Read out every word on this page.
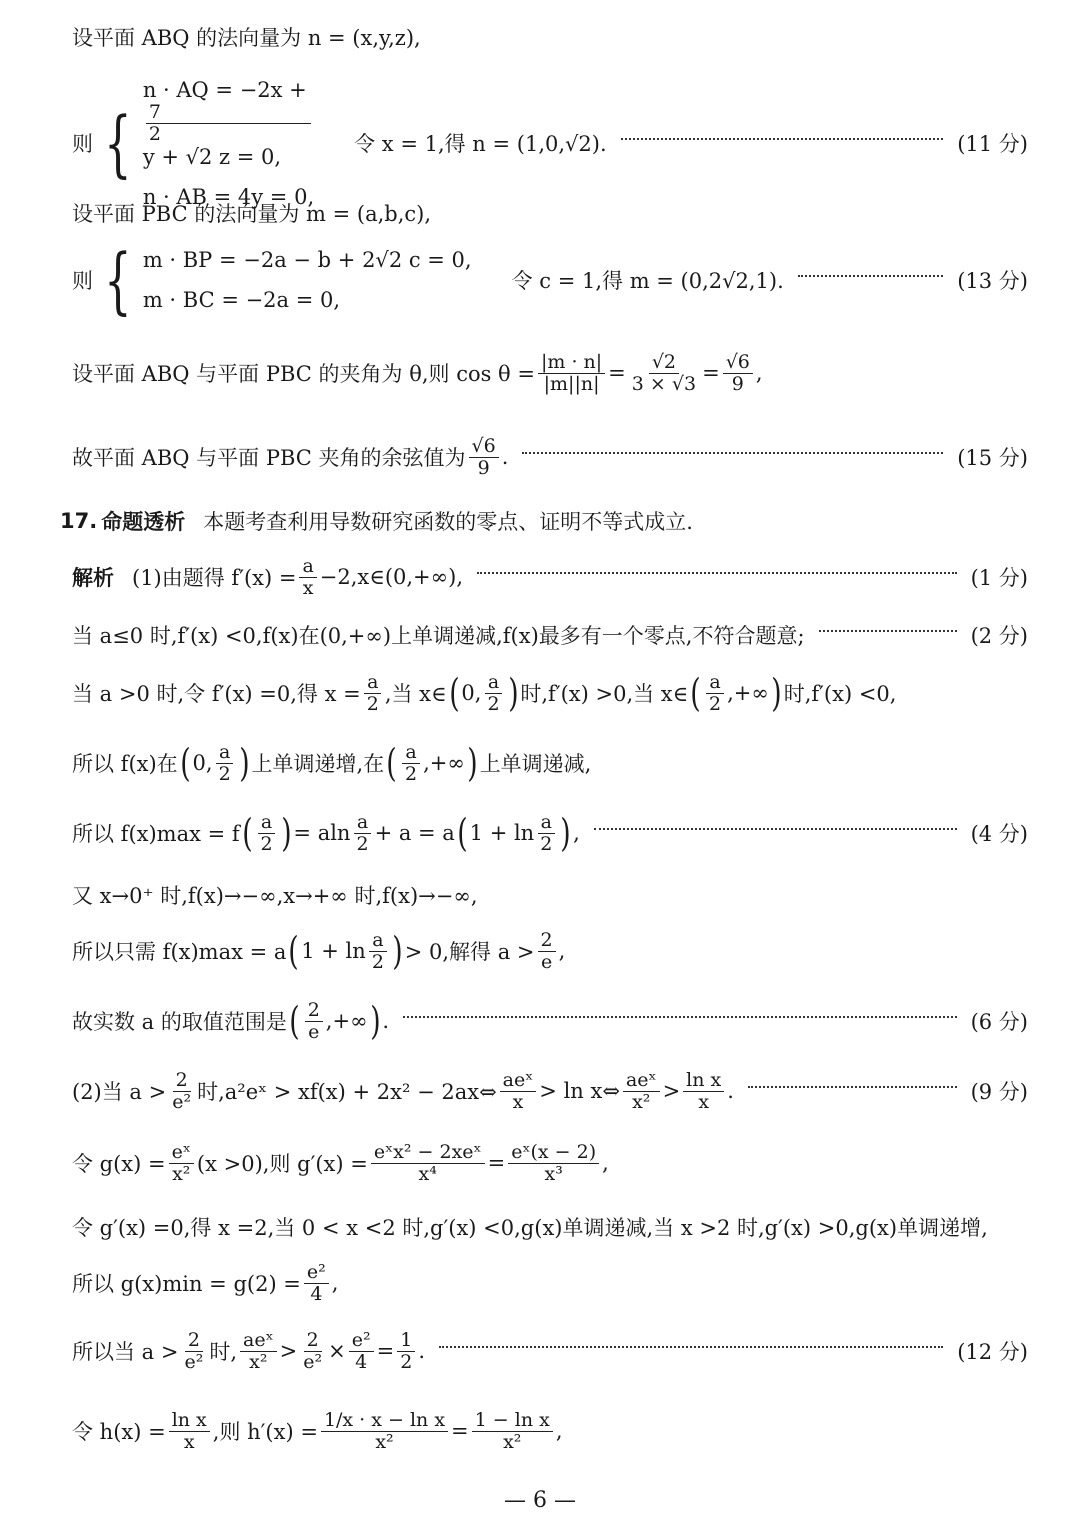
设平面 ABQ 的法向量为 n = (x,y,z),
则 {
n · AQ = −2x +
7
2
y + √2 z = 0,
n · AB = 4y = 0,
令 x = 1,得 n = (1,0,√2).	(11 分)
设平面 PBC 的法向量为 m = (a,b,c),
则 { m · BP = −2a − b + 2√2 c = 0,
m · BC = −2a = 0,
令 c = 1,得 m = (0,2√2,1).	(13 分)
设平面 ABQ 与平面 PBC 的夹角为 θ,则 $\cos \theta = \frac{|m \cdot n|}{|m||n|} = \frac{√2}{3 \times √3} = \frac{√6}{9}$ ,
故平面 ABQ 与平面 PBC 夹角的余弦值为 $\frac{√6}{9}$ .	(15 分)
17. 命题透析 本题考查利用导数研究函数的零点、证明不等式成立.
解析 (1)由题得 $f'(x) = \frac{a}{x}$ −2,x∈(0,+∞),	(1 分)
当 a≤0 时,f′(x) <0,f(x)在(0,+∞)上单调递减,f(x)最多有一个零点,不符合题意;	(2 分)
当 a >0 时,令 f′(x) =0,得 $x = \frac{a}{2}$ ,当 x∈ ( 0, $\frac{a}{2}$ ) 时,f′(x) >0,当 x∈ ( $\frac{a}{2}$ ,+∞ ) 时,f′(x) <0,
所以 f(x)在 ( 0, $\frac{a}{2}$ ) 上单调递增,在 ( $\frac{a}{2}$ ,+∞ ) 上单调递减,
所以 f(x)max = f ( $\frac{a}{2}$ ) = aln $\frac{a}{2} + a = a$ ( $1 + \ln \frac{a}{2}$ ) ,	(4 分)
又 x→0⁺ 时,f(x)→−∞,x→+∞ 时,f(x)→−∞,
所以只需 f(x)max = a ( $1 + \ln \frac{a}{2}$ ) > 0,解得 $a > \frac{2}{e}$ ,
故实数 a 的取值范围是 ( $\frac{2}{e}$ ,+∞ ) .	(6 分)
(2)当 $a > \frac{2}{\text{e²}}$ 时,a²eˣ > xf(x) + 2x² − 2ax⇔ $\frac{\text{aeˣ}}{x} > \ln$ x⇔ $\frac{\text{aeˣ}}{\text{x²}} > \frac{\text{ln x}}{x}$ .	(9 分)
令 $g(x) = \frac{\text{eˣ}}{\text{x²}} (x >0)$,则 $g'(x) = \frac{\text{eˣx² − 2xeˣ}}{\text{x⁴}} = \frac{\text{eˣ(x − 2)}}{\text{x³}}$ ,
令 g′(x) =0,得 x =2,当 0 < x <2 时,g′(x) <0,g(x)单调递减,当 x >2 时,g′(x) >0,g(x)单调递增,
所以 $g(x)\min = g(2) = \frac{\text{e²}}{4}$ ,
所以当 $a > \frac{2}{\text{e²}}$ 时, $\frac{\text{aeˣ}}{\text{x²}} > \frac{2}{\text{e²}} \times \frac{\text{e²}}{4} = \frac{1}{2}$ .	(12 分)
令 $h(x) = \frac{\text{ln x}}{x}$ ,则 $h'(x) = \frac{\text{1/x · x − ln x}}{\text{x²}} = \frac{\text{1 − ln x}}{\text{x²}}$ ,
— 6 —
